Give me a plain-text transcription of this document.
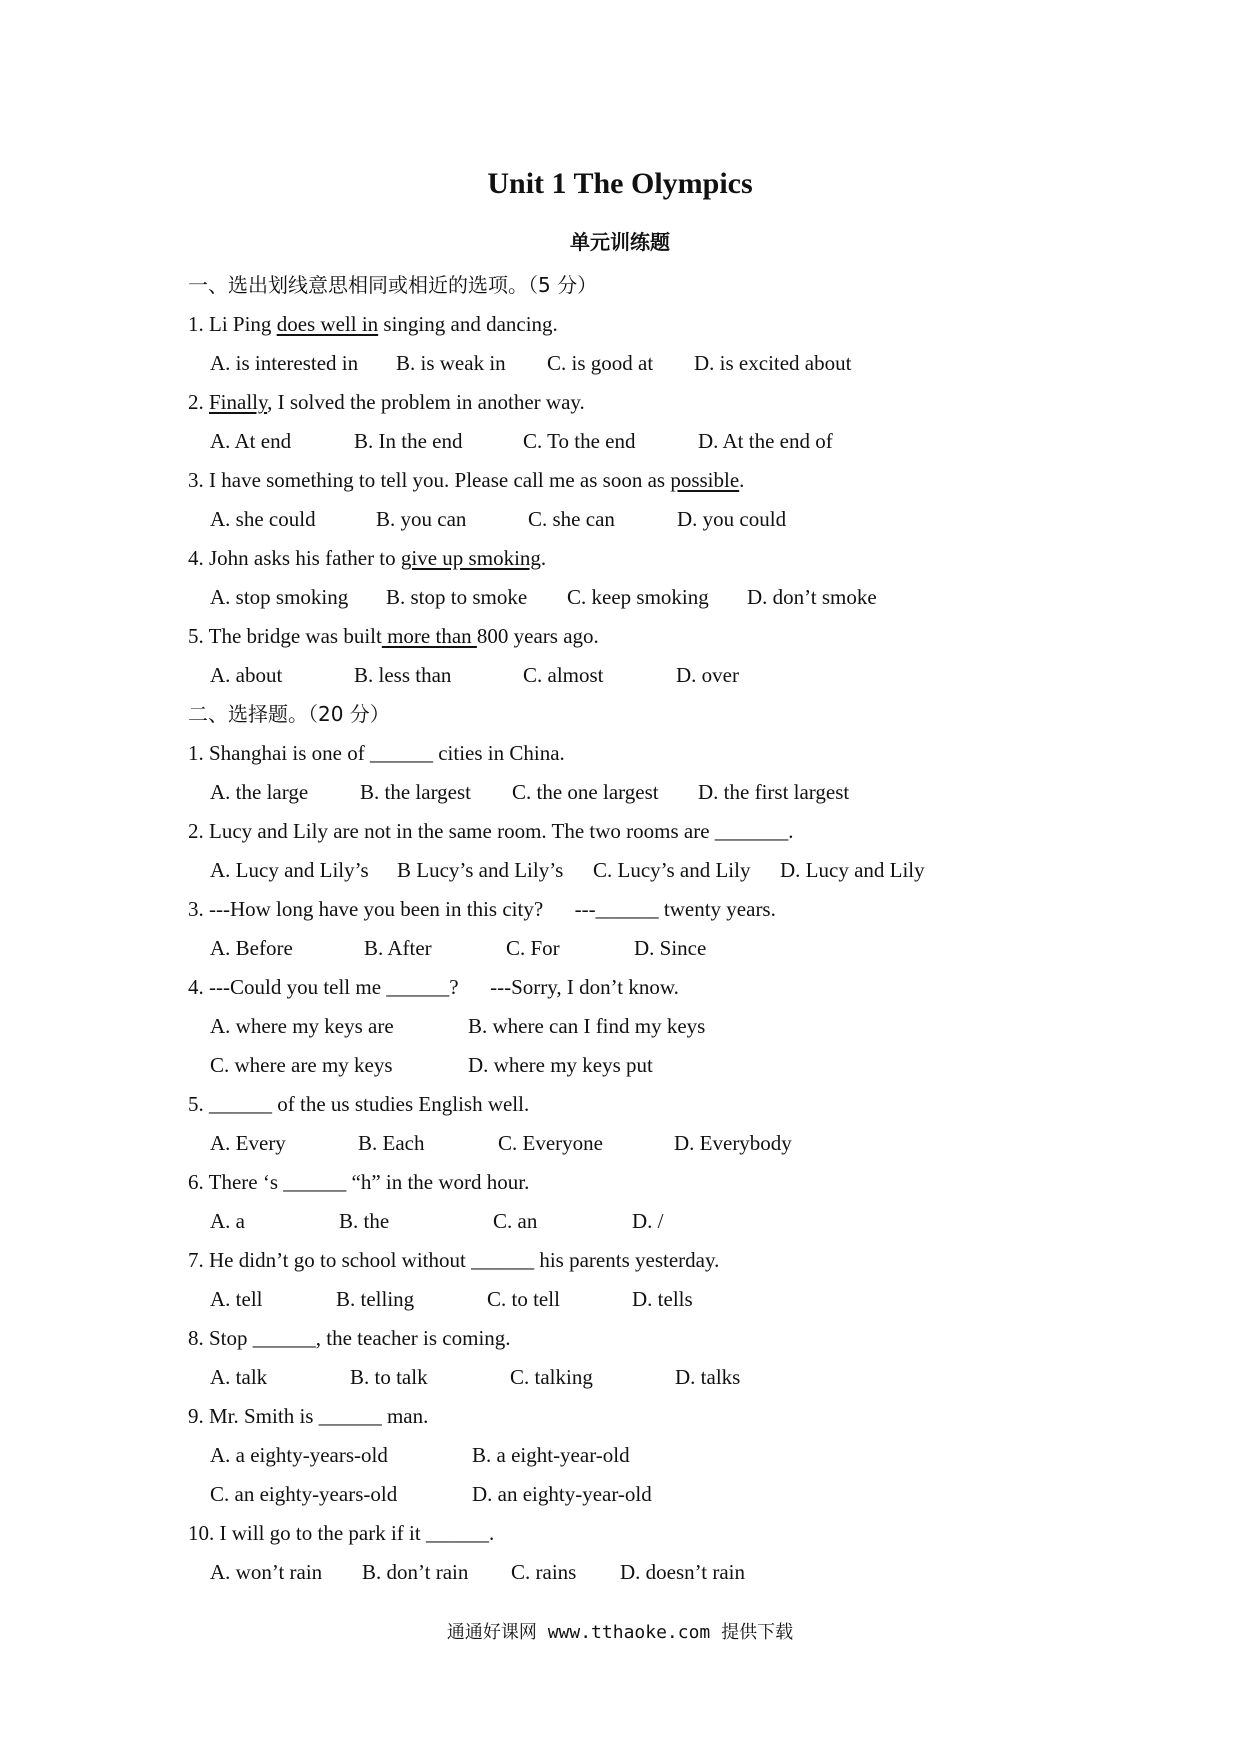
Unit 1 The Olympics
单元训练题
一、选出划线意思相同或相近的选项。（5 分）
1. Li Ping does well in singing and dancing.
A. is interested in B. is weak in C. is good at D. is excited about
2. Finally, I solved the problem in another way.
A. At end	B. In the end	C. To the end	D. At the end of
3. I have something to tell you. Please call me as soon as possible.
A. she could	B. you can	C. she can	D. you could
4. John asks his father to give up smoking.
A. stop smoking B. stop to smoke C. keep smoking D. don’t smoke
5. The bridge was built more than 800 years ago.
A. about	B. less than	C. almost	D. over
二、选择题。（20 分）
1. Shanghai is one of ______ cities in China.
A. the large B. the largest C. the one largest D. the first largest
2. Lucy and Lily are not in the same room. The two rooms are _______.
A. Lucy and Lily’s B Lucy’s and Lily’s C. Lucy’s and Lily D. Lucy and Lily
3. ---How long have you been in this city?      ---______ twenty years.
A. Before	B. After	C. For	D. Since
4. ---Could you tell me ______?      ---Sorry, I don’t know.
A. where my keys are	B. where can I find my keys
C. where are my keys	D. where my keys put
5. ______ of the us studies English well.
A. Every	B. Each	C. Everyone	D. Everybody
6. There ‘s ______ “h” in the word hour.
A. a	B. the	C. an	D. /
7. He didn’t go to school without ______ his parents yesterday.
A. tell	B. telling	C. to tell	D. tells
8. Stop ______, the teacher is coming.
A. talk	B. to talk	C. talking	D. talks
9. Mr. Smith is ______ man.
A. a eighty-years-old	B. a eight-year-old
C. an eighty-years-old	D. an eighty-year-old
10. I will go to the park if it ______.
A. won’t rain B. don’t rain C. rains D. doesn’t rain
通通好课网 www.tthaoke.com 提供下载
